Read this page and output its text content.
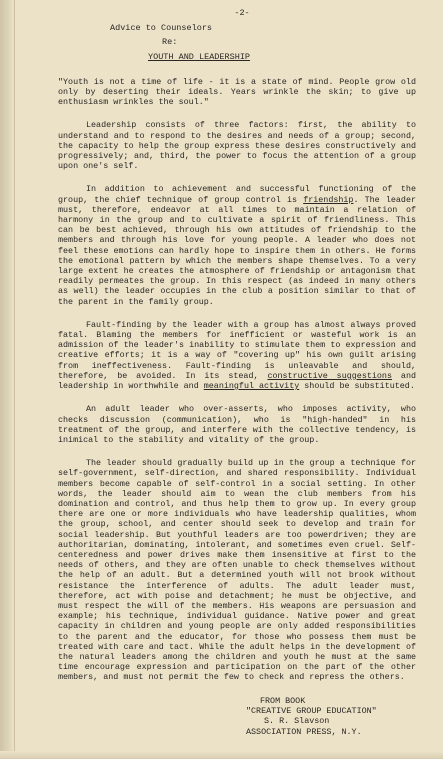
-2-
Advice to Counselors
Re:
YOUTH AND LEADERSHIP

"Youth is not a time of life - it is a state of mind. People grow old only by deserting their ideals. Years wrinkle the skin; to give up enthusiasm wrinkles the soul."

Leadership consists of three factors: first, the ability to understand and to respond to the desires and needs of a group; second, the capacity to help the group express these desires constructively and progressively; and, third, the power to focus the attention of a group upon one's self.

In addition to achievement and successful functioning of the group, the chief technique of group control is friendship. The leader must, therefore, endeavor at all times to maintain a relation of harmony in the group and to cultivate a spirit of friendliness. This can be best achieved, through his own attitudes of friendship to the members and through his love for young people. A leader who does not feel these emotions can hardly hope to inspire them in others. He forms the emotional pattern by which the members shape themselves. To a very large extent he creates the atmosphere of friendship or antagonism that readily permeates the group. In this respect (as indeed in many others as well) the leader occupies in the club a position similar to that of the parent in the family group.

Fault-finding by the leader with a group has almost always proved fatal. Blaming the members for inefficient or wasteful work is an admission of the leader's inability to stimulate them to expression and creative efforts; it is a way of "covering up" his own guilt arising from ineffectiveness. Fault-finding is unleavable and should, therefore, be avoided. In its stead, constructive suggestions and leadership in worthwhile and meaningful activity should be substituted.

An adult leader who over-asserts, who imposes activity, who checks discussion (communication), who is "high-handed" in his treatment of the group, and interfere with the collective tendency, is inimical to the stability and vitality of the group.

The leader should gradually build up in the group a technique for self-government, self-direction, and shared responsibility. Individual members become capable of self-control in a social setting. In other words, the leader should aim to wean the club members from his domination and control, and thus help them to grow up. In every group there are one or more individuals who have leadership qualities, whom the group, school, and center should seek to develop and train for social leadership. But youthful leaders are too powerdriven; they are authoritarian, dominating, intolerant, and sometimes even cruel. Self-centeredness and power drives make them insensitive at first to the needs of others, and they are often unable to check themselves without the help of an adult. But a determined youth will not brook without resistance the interference of adults. The adult leader must, therefore, act with poise and detachment; he must be objective, and must respect the will of the members. His weapons are persuasion and example; his technique, individual guidance. Native power and great capacity in children and young people are only added responsibilities to the parent and the educator, for those who possess them must be treated with care and tact. While the adult helps in the development of the natural leaders among the children and youth he must at the same time encourage expression and participation on the part of the other members, and must not permit the few to check and repress the others.

FROM BOOK
"CREATIVE GROUP EDUCATION"
S. R. Slavson
ASSOCIATION PRESS, N.Y.
